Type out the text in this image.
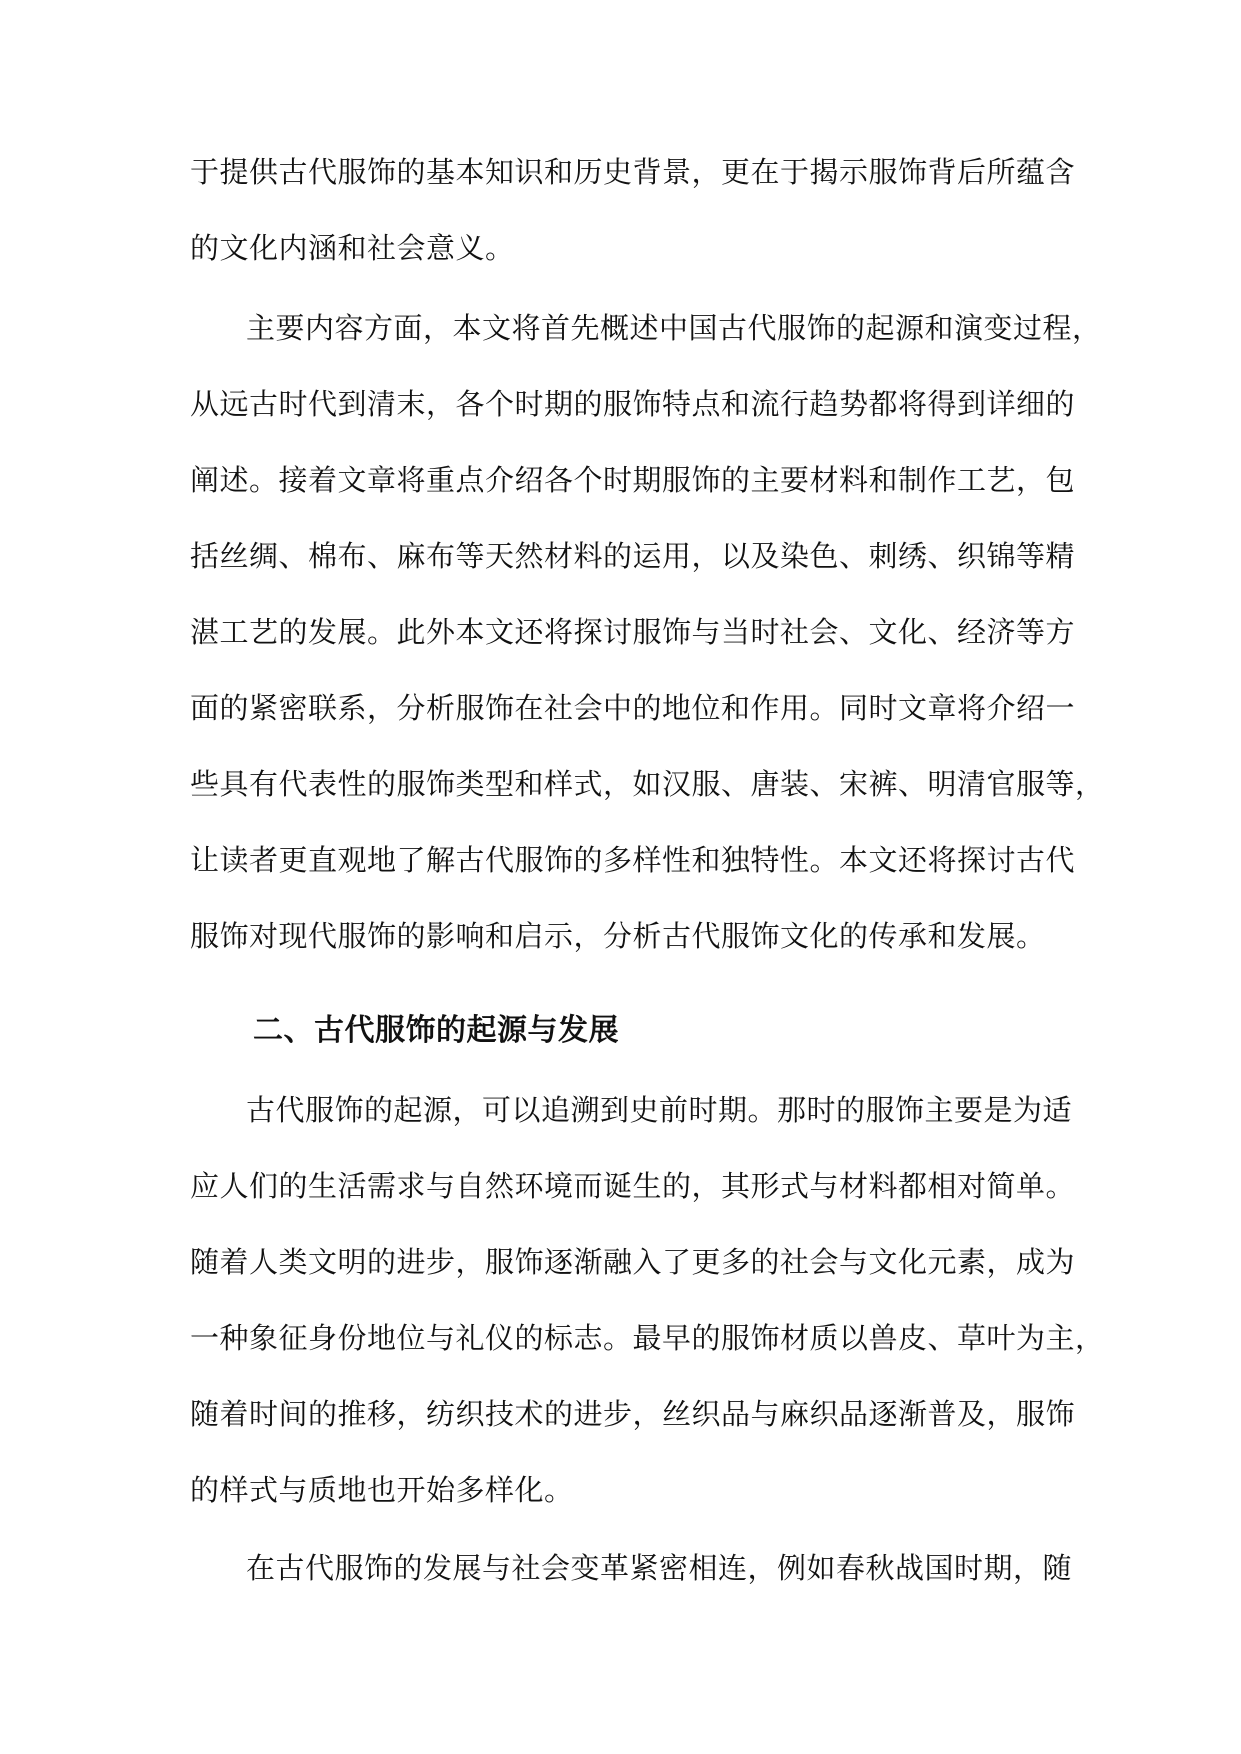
于提供古代服饰的基本知识和历史背景，更在于揭示服饰背后所蕴含
的文化内涵和社会意义。
主要内容方面，本文将首先概述中国古代服饰的起源和演变过程，
从远古时代到清末，各个时期的服饰特点和流行趋势都将得到详细的
阐述。接着文章将重点介绍各个时期服饰的主要材料和制作工艺，包
括丝绸、棉布、麻布等天然材料的运用，以及染色、刺绣、织锦等精
湛工艺的发展。此外本文还将探讨服饰与当时社会、文化、经济等方
面的紧密联系，分析服饰在社会中的地位和作用。同时文章将介绍一
些具有代表性的服饰类型和样式，如汉服、唐装、宋裤、明清官服等，
让读者更直观地了解古代服饰的多样性和独特性。本文还将探讨古代
服饰对现代服饰的影响和启示，分析古代服饰文化的传承和发展。
二、古代服饰的起源与发展
古代服饰的起源，可以追溯到史前时期。那时的服饰主要是为适
应人们的生活需求与自然环境而诞生的，其形式与材料都相对简单。
随着人类文明的进步，服饰逐渐融入了更多的社会与文化元素，成为
一种象征身份地位与礼仪的标志。最早的服饰材质以兽皮、草叶为主，
随着时间的推移，纺织技术的进步，丝织品与麻织品逐渐普及，服饰
的样式与质地也开始多样化。
在古代服饰的发展与社会变革紧密相连，例如春秋战国时期，随
